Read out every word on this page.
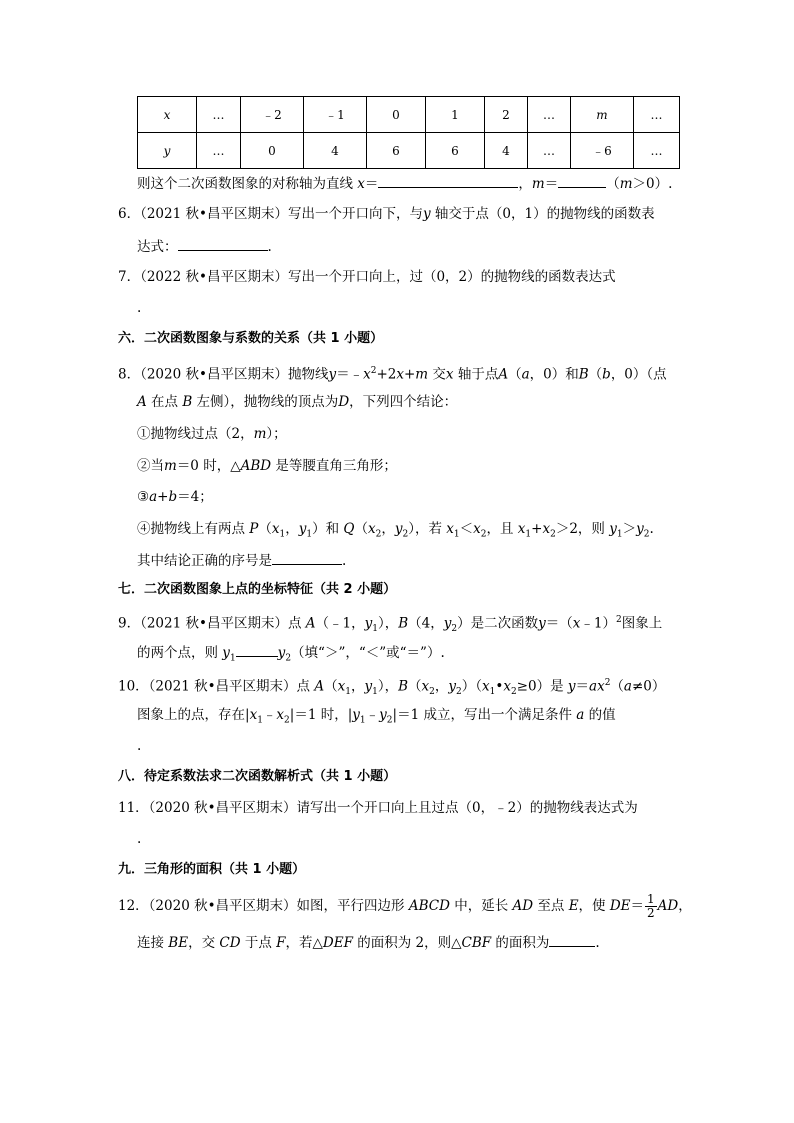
x	…	﹣2	﹣1	0	1	2	…	m	…
y	…	0	4	6	6	4	…	﹣6	…
则这个二次函数图象的对称轴为直线 x＝	，m＝	（m＞0）.
6．（2021 秋•昌平区期末）写出一个开口向下，与y 轴交于点（0，1）的抛物线的函数表
达式：	.
7．（2022 秋•昌平区期末）写出一个开口向上，过（0，2）的抛物线的函数表达式
.
六．二次函数图象与系数的关系（共 1 小题）
8．（2020 秋•昌平区期末）抛物线$y=﹣x^2+2x+m$ 交x 轴于点A（a，0）和B（b，0）（点
A 在点 B 左侧），抛物线的顶点为D，下列四个结论：
①抛物线过点（2，m）；
②当m＝0 时，△ABD 是等腰直角三角形；
③a+b＝4；
④抛物线上有两点 $P(x_1$，$y_1$）和 $Q(x_2$，$y_2$），若 $x_1<x_2$，且 $x_1+x_2>2$，则 $y_1>y_2$.
其中结论正确的序号是	.
七．二次函数图象上点的坐标特征（共 2 小题）
9．（2021 秋•昌平区期末）点 A（﹣1，$y_1$），B（4，$y_2$）是二次函数y＝（x﹣1）$^2$图象上
的两个点，则 $y_1$	$y_2$（填“＞”，“＜”或“＝”）.
10．（2021 秋•昌平区期末）点 $A(x_1$，$y_1$），$B(x_2$，$y_2)(x_1•x_2\ge 0)$是 $y=ax^2(a\ne 0)$
图象上的点，存在$|x_1﹣x_2|=1$ 时，$|y_1﹣y_2|=1$ 成立，写出一个满足条件 a 的值
.
八．待定系数法求二次函数解析式（共 1 小题）
11．（2020 秋•昌平区期末）请写出一个开口向上且过点（0，﹣2）的抛物线表达式为
.
九．三角形的面积（共 1 小题）
12．（2020 秋•昌平区期末）如图，平行四边形 ABCD 中，延长 AD 至点 E，使 $DE= \frac{1}{2}$ AD，
连接 BE，交 CD 于点 F，若△DEF 的面积为 2，则△CBF 的面积为	.
